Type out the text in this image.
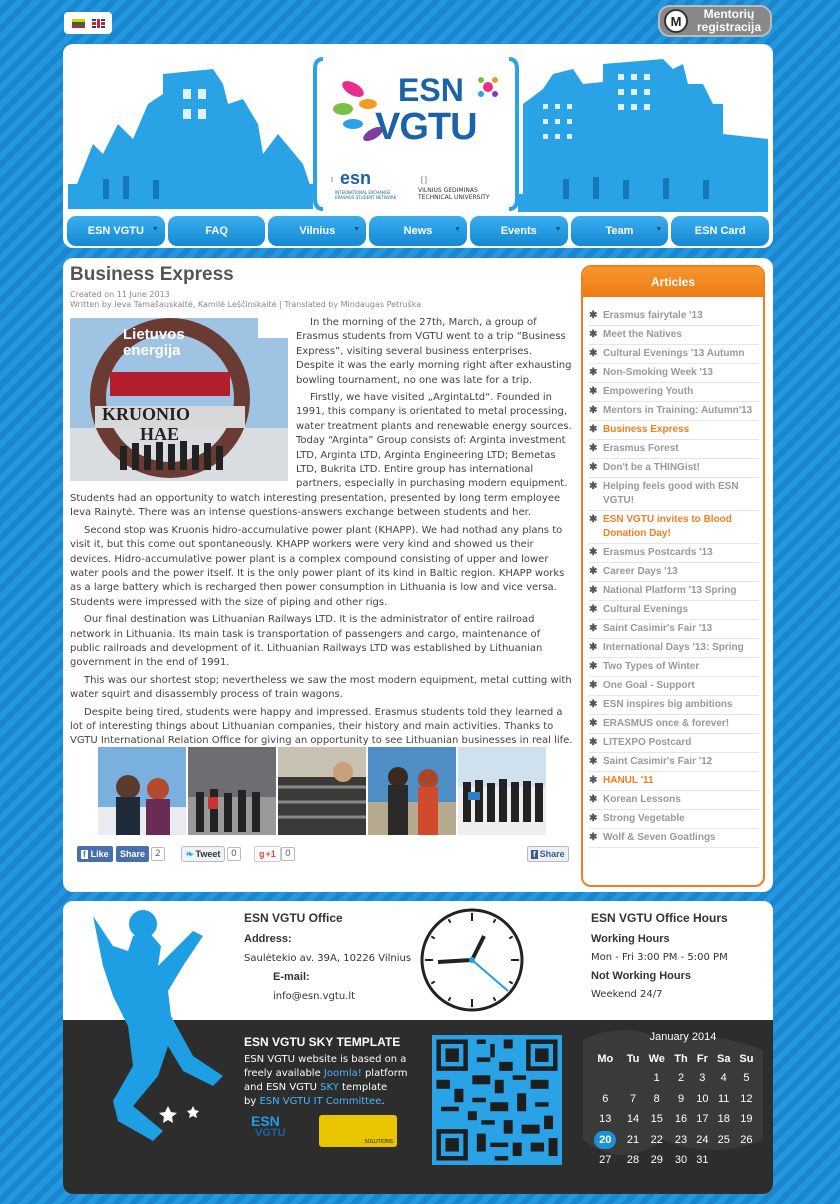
M	Mentorių
registracija
I	[ ]
ESN
VGTU
esn
INTERNATIONAL EXCHANGE
ERASMUS STUDENT NETWORK
VILNIUS GEDIMINAS
TECHNICAL UNIVERSITY
ESN VGTU ▼	FAQ	Vilnius	▼	News	▼	Events	▼	Team	▼	ESN Card
Business Express
Created on 11 June 2013
Written by Ieva Tamašauskaitė, Kamilė Leščinskaitė | Translated by Mindaugas Petruška
Lietuvos
energija
KRUONIO
HAE

In the morning of the 27th, March, a group of Erasmus students from VGTU went to a trip “Business Express”, visiting several business enterprises. Despite it was the early morning right after exhausting bowling tournament, no one was late for a trip.

Firstly, we have visited „ArgintaLtd“. Founded in 1991, this company is orientated to metal processing, water treatment plants and renewable energy sources. Today “Arginta” Group consists of: Arginta investment LTD, Arginta LTD, Arginta Engineering LTD; Bemetas LTD, Bukrita LTD. Entire group has international partners, especially in purchasing modern equipment. Students had an opportunity to watch interesting presentation, presented by long term employee Ieva Rainytė. There was an intense questions-answers exchange between students and her.

Second stop was Kruonis hidro-accumulative power plant (KHAPP). We had nothad any plans to visit it, but this come out spontaneously. KHAPP workers were very kind and showed us their devices. Hidro-accumulative power plant is a complex compound consisting of upper and lower water pools and the power itself. It is the only power plant of its kind in Baltic region. KHAPP works as a large battery which is recharged then power consumption in Lithuania is low and vice versa. Students were impressed with the size of piping and other rigs.

Our final destination was Lithuanian Railways LTD. It is the administrator of entire railroad network in Lithuania. Its main task is transportation of passengers and cargo, maintenance of public railroads and development of it. Lithuanian Railways LTD was established by Lithuanian government in the end of 1991.

This was our shortest stop; nevertheless we saw the most modern equipment, metal cutting with water squirt and disassembly process of train wagons.

Despite being tired, students were happy and impressed. Erasmus students told they learned a lot of interesting things about Lithuanian companies, their history and main activities. Thanks to VGTU International Relation Office for giving an opportunity to see Lithuanian businesses in real life.

f Like Share	2	❧ Tweet	0	g +1	0	f Share
Articles
✱ Erasmus fairytale '13
✱ Meet the Natives
✱ Cultural Evenings '13 Autumn
✱ Non-Smoking Week '13
✱ Empowering Youth
✱ Mentors in Training: Autumn'13
✱ Business Express
✱ Erasmus Forest
✱ Don't be a THINGist!
✱ Helping feels good with ESN VGTU!
✱ ESN VGTU invites to Blood Donation Day!
✱ Erasmus Postcards '13
✱ Career Days '13
✱ National Platform '13 Spring
✱ Cultural Evenings
✱ Saint Casimir's Fair '13
✱ International Days '13: Spring
✱ Two Types of Winter
✱ One Goal - Support
✱ ESN inspires big ambitions
✱ ERASMUS once & forever!
✱ LITEXPO Postcard
✱ Saint Casimir's Fair '12
✱ HANUL '11
✱ Korean Lessons
✱ Strong Vegetable
✱ Wolf & Seven Goatlings
ESN VGTU Office
Address:
Saulėtekio av. 39A, 10226 Vilnius
E-mail:
info@esn.vgtu.lt
ESN VGTU Office Hours
Working Hours
Mon - Fri 3:00 PM - 5:00 PM
Not Working Hours
Weekend 24/7
ESN VGTU SKY TEMPLATE
ESN VGTU website is based on a
freely available Joomla! platform
and ESN VGTU SKY template
by ESN VGTU IT Committee.
ESN
VGTU
SOLUTIONS
January 2014
Mo	Tu	We	Th	Fr	Sa	Su
		1	2	3	4	5
6	7	8	9	10	11	12
13	14	15	16	17	18	19
20	21	22	23	24	25	26
27	28	29	30	31		
